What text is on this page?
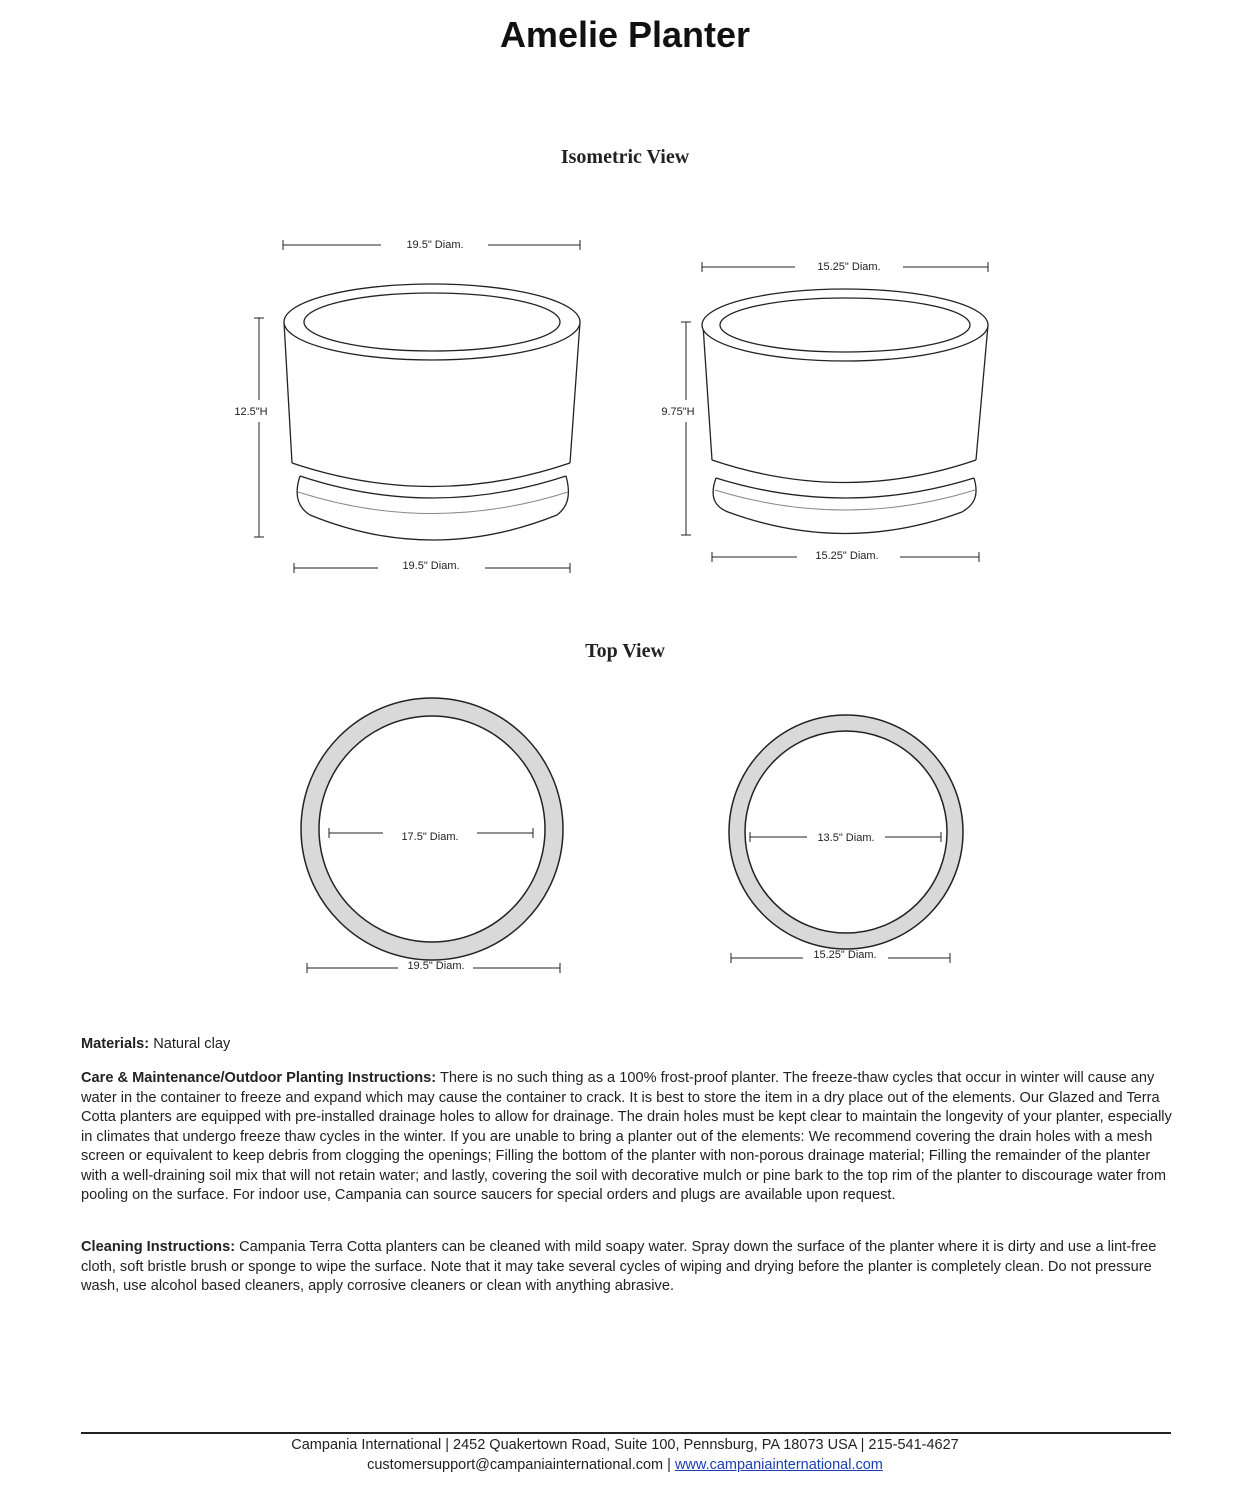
Amelie Planter
Isometric View
Top View
19.5" Diam.
12.5"H
19.5" Diam.
15.25" Diam.
9.75"H
15.25" Diam.
17.5" Diam.
19.5" Diam.
13.5" Diam.
15.25" Diam.
Materials: Natural clay
Care & Maintenance/Outdoor Planting Instructions: There is no such thing as a 100% frost-proof planter. The freeze-thaw cycles that occur in winter will cause any water in the container to freeze and expand which may cause the container to crack. It is best to store the item in a dry place out of the elements. Our Glazed and Terra Cotta planters are equipped with pre-installed drainage holes to allow for drainage. The drain holes must be kept clear to maintain the longevity of your planter, especially in climates that undergo freeze thaw cycles in the winter. If you are unable to bring a planter out of the elements: We recommend covering the drain holes with a mesh screen or equivalent to keep debris from clogging the openings; Filling the bottom of the planter with non-porous drainage material; Filling the remainder of the planter with a well-draining soil mix that will not retain water; and lastly, covering the soil with decorative mulch or pine bark to the top rim of the planter to discourage water from pooling on the surface. For indoor use, Campania can source saucers for special orders and plugs are available upon request.
Cleaning Instructions: Campania Terra Cotta planters can be cleaned with mild soapy water. Spray down the surface of the planter where it is dirty and use a lint-free cloth, soft bristle brush or sponge to wipe the surface. Note that it may take several cycles of wiping and drying before the planter is completely clean. Do not pressure wash, use alcohol based cleaners, apply corrosive cleaners or clean with anything abrasive.
Campania International | 2452 Quakertown Road, Suite 100, Pennsburg, PA 18073 USA | 215-541-4627
customersupport@campaniainternational.com | www.campaniainternational.com
